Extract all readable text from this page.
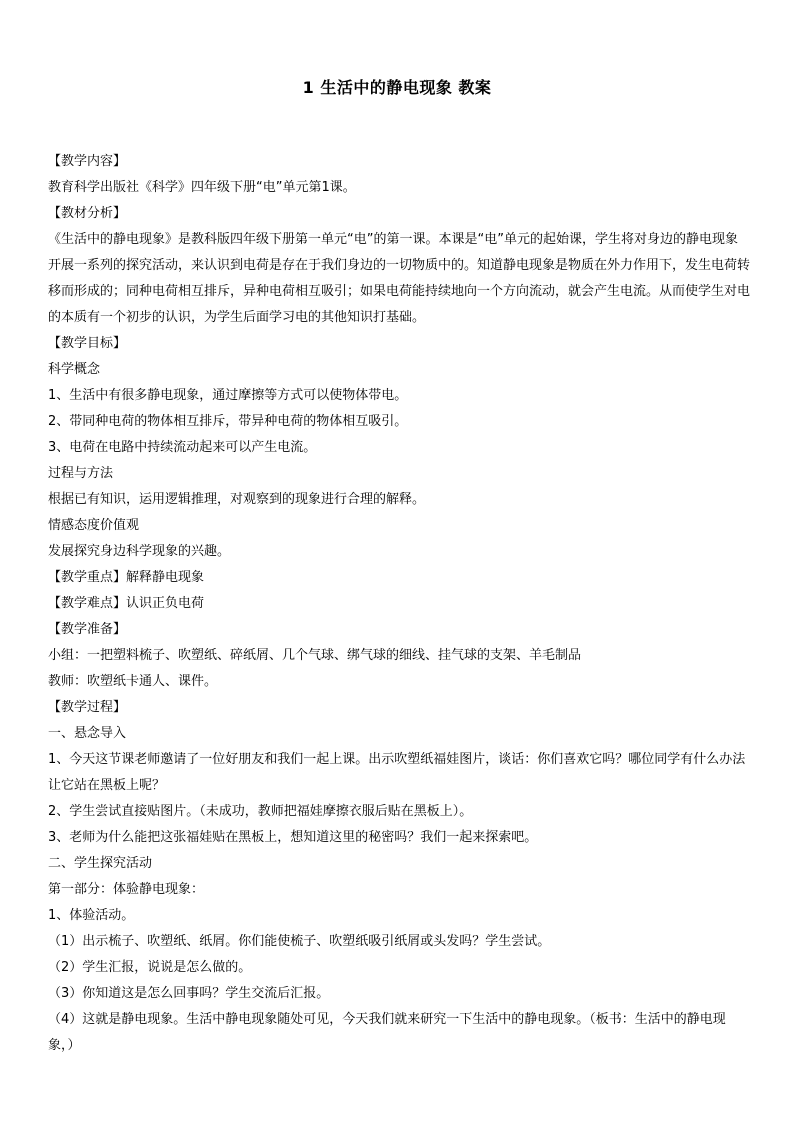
1 生活中的静电现象 教案

【教学内容】

教育科学出版社《科学》四年级下册“电”单元第1课。

【教材分析】

《生活中的静电现象》是教科版四年级下册第一单元“电”的第一课。本课是“电”单元的起始课，学生将对身边的静电现象开展一系列的探究活动，来认识到电荷是存在于我们身边的一切物质中的。知道静电现象是物质在外力作用下，发生电荷转移而形成的；同种电荷相互排斥，异种电荷相互吸引；如果电荷能持续地向一个方向流动，就会产生电流。从而使学生对电的本质有一个初步的认识，为学生后面学习电的其他知识打基础。

【教学目标】

科学概念

1、生活中有很多静电现象，通过摩擦等方式可以使物体带电。

2、带同种电荷的物体相互排斥，带异种电荷的物体相互吸引。

3、电荷在电路中持续流动起来可以产生电流。

过程与方法

根据已有知识，运用逻辑推理，对观察到的现象进行合理的解释。

情感态度价值观

发展探究身边科学现象的兴趣。

【教学重点】解释静电现象

【教学难点】认识正负电荷

【教学准备】

小组：一把塑料梳子、吹塑纸、碎纸屑、几个气球、绑气球的细线、挂气球的支架、羊毛制品

教师：吹塑纸卡通人、课件。

【教学过程】

一、悬念导入

1、今天这节课老师邀请了一位好朋友和我们一起上课。出示吹塑纸福娃图片，谈话：你们喜欢它吗？哪位同学有什么办法让它站在黑板上呢？

2、学生尝试直接贴图片。（未成功，教师把福娃摩擦衣服后贴在黑板上）。

3、老师为什么能把这张福娃贴在黑板上，想知道这里的秘密吗？我们一起来探索吧。

二、学生探究活动

第一部分：体验静电现象：

1、体验活动。

（1）出示梳子、吹塑纸、纸屑。你们能使梳子、吹塑纸吸引纸屑或头发吗？学生尝试。

（2）学生汇报，说说是怎么做的。

（3）你知道这是怎么回事吗？学生交流后汇报。

（4）这就是静电现象。生活中静电现象随处可见，今天我们就来研究一下生活中的静电现象。（板书：生活中的静电现象，）
